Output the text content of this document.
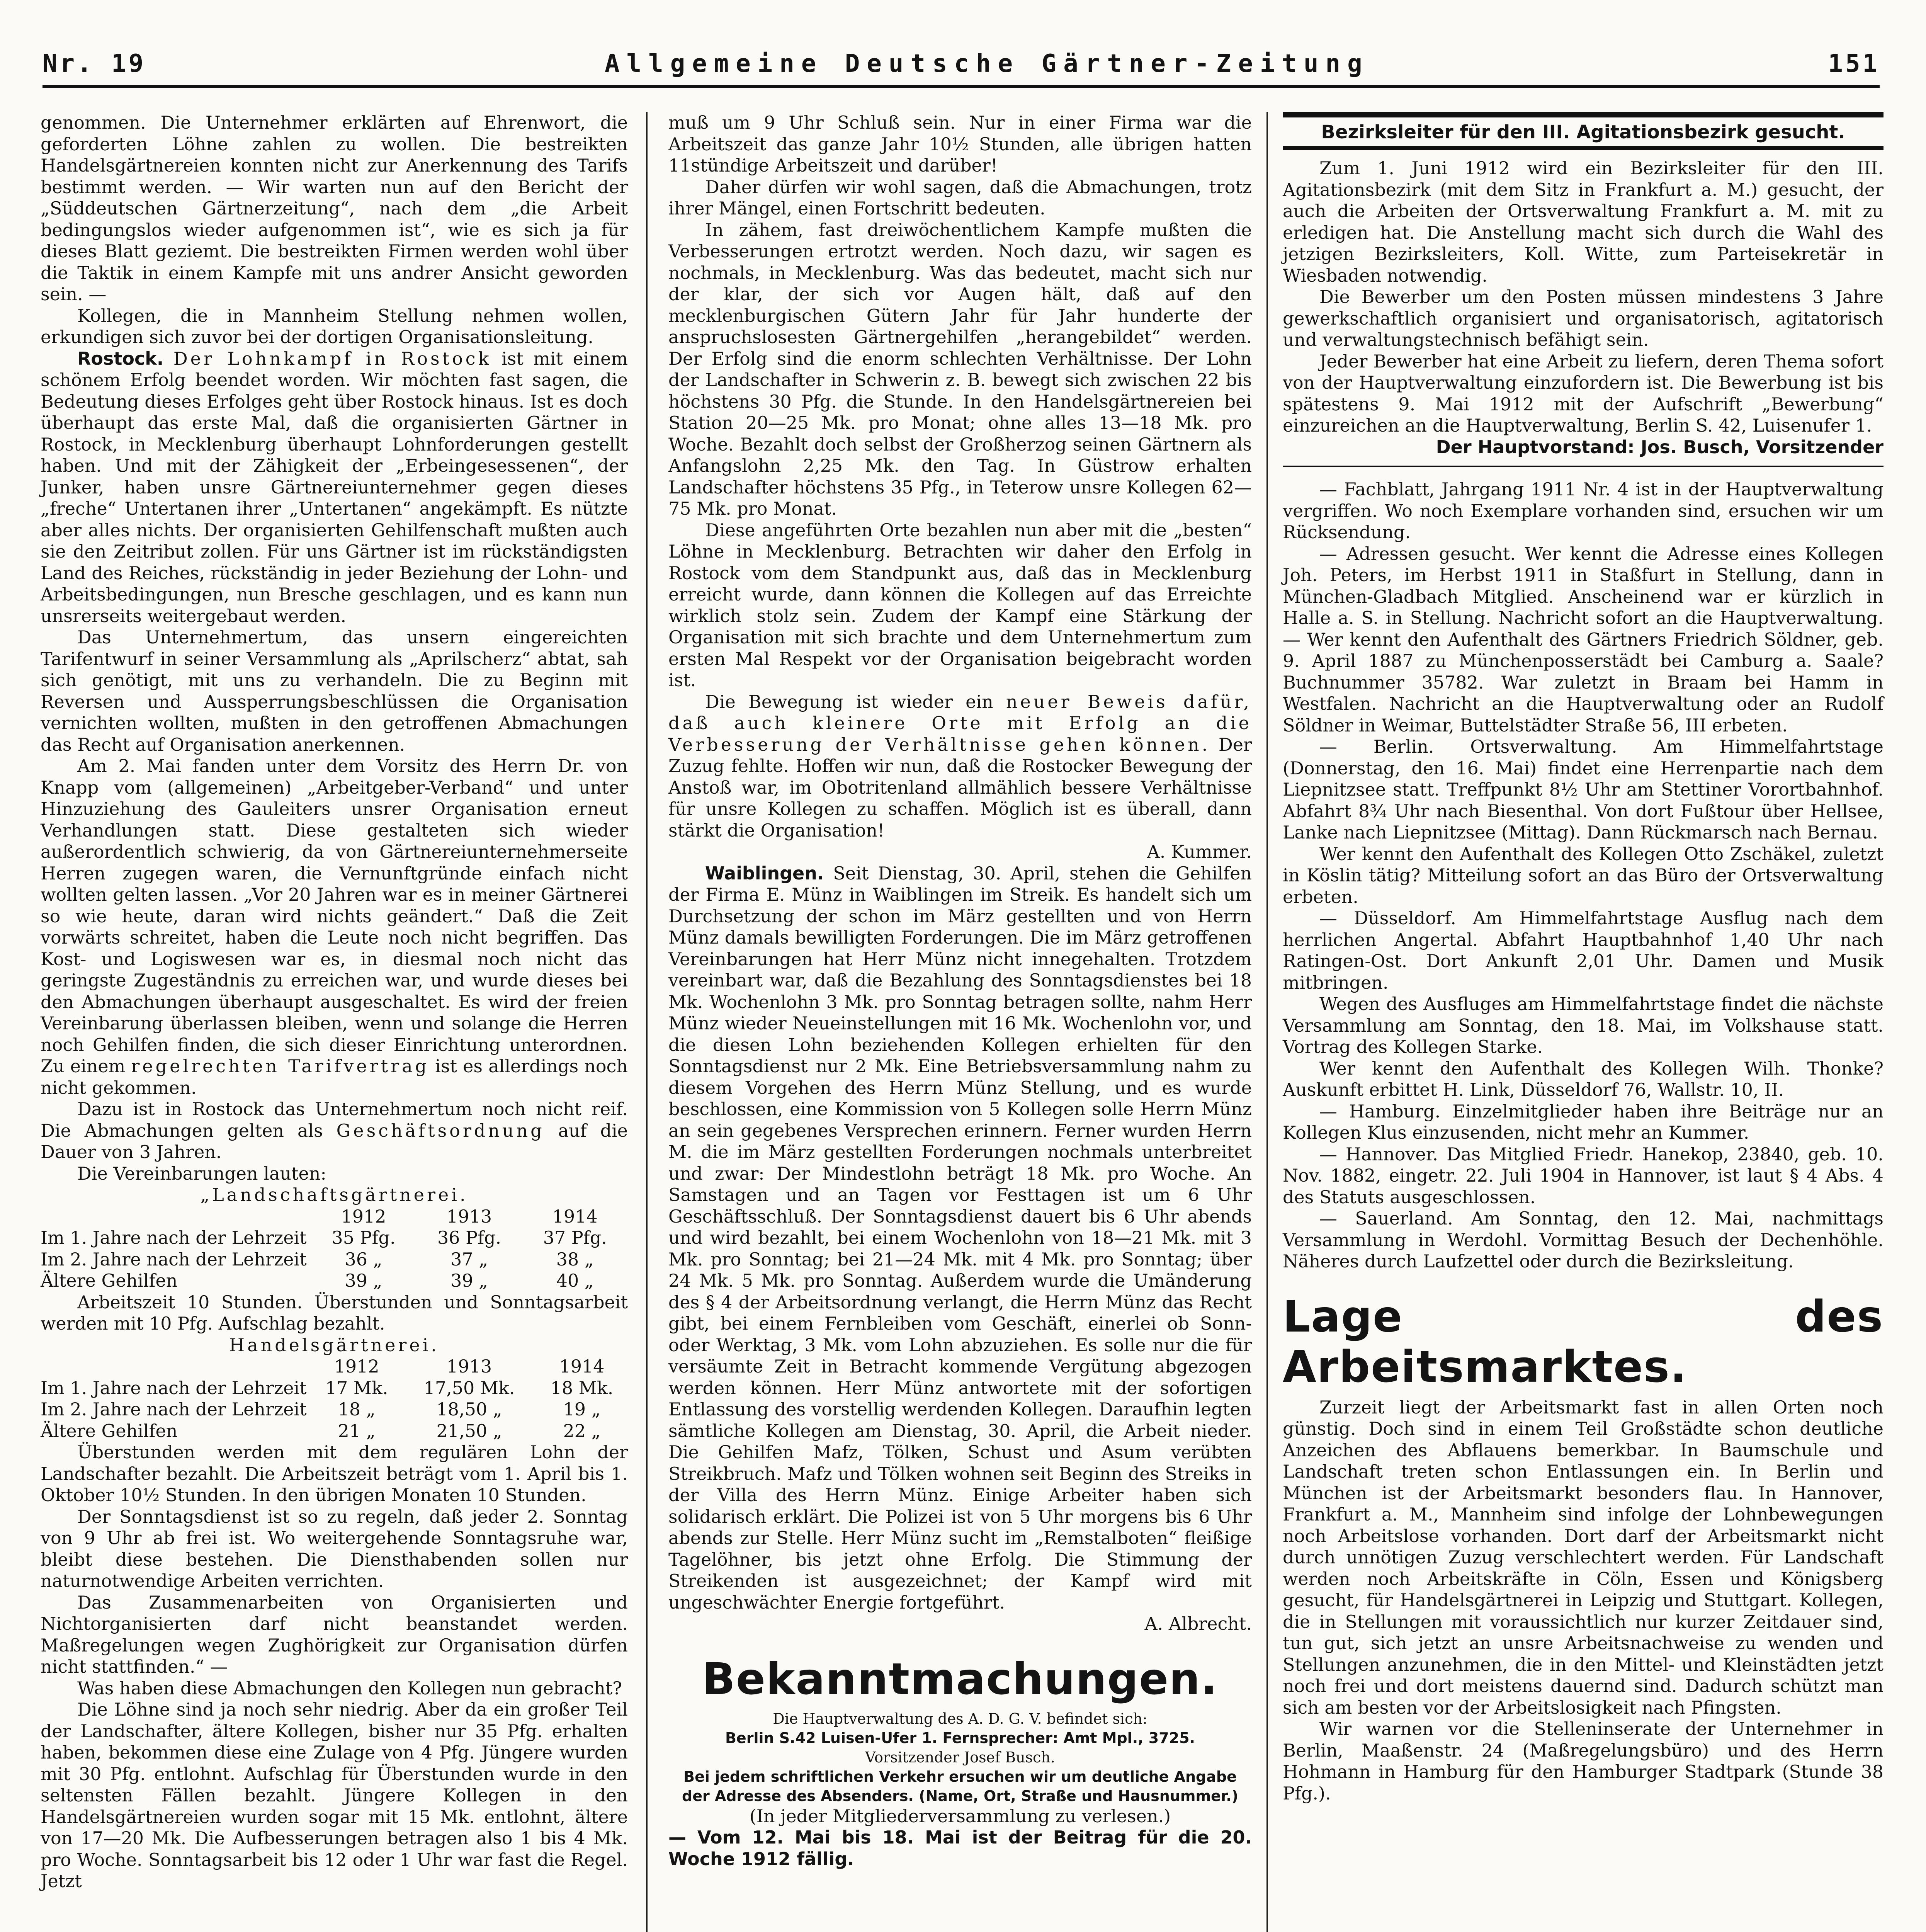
Nr. 19	Allgemeine Deutsche Gärtner-Zeitung	151

genommen. Die Unternehmer erklärten auf Ehrenwort, die geforderten Löhne zahlen zu wollen. Die bestreikten Handelsgärtnereien konnten nicht zur Anerkennung des Tarifs bestimmt werden. — Wir warten nun auf den Bericht der „Süddeutschen Gärtnerzeitung“, nach dem „die Arbeit bedingungslos wieder aufgenommen ist“, wie es sich ja für dieses Blatt geziemt. Die bestreikten Firmen werden wohl über die Taktik in einem Kampfe mit uns andrer Ansicht geworden sein. —

Kollegen, die in Mannheim Stellung nehmen wollen, erkundigen sich zuvor bei der dortigen Organisationsleitung.

Rostock. Der Lohnkampf in Rostock ist mit einem schönem Erfolg beendet worden. Wir möchten fast sagen, die Bedeutung dieses Erfolges geht über Rostock hinaus. Ist es doch überhaupt das erste Mal, daß die organisierten Gärtner in Rostock, in Mecklenburg überhaupt Lohnforderungen gestellt haben. Und mit der Zähigkeit der „Erbeingesessenen“, der Junker, haben unsre Gärtnereiunternehmer gegen dieses „freche“ Untertanen ihrer „Untertanen“ angekämpft. Es nützte aber alles nichts. Der organisierten Gehilfenschaft mußten auch sie den Zeitribut zollen. Für uns Gärtner ist im rückständigsten Land des Reiches, rückständig in jeder Beziehung der Lohn- und Arbeitsbedingungen, nun Bresche geschlagen, und es kann nun unsrerseits weitergebaut werden.

Das Unternehmertum, das unsern eingereichten Tarifentwurf in seiner Versammlung als „Aprilscherz“ abtat, sah sich genötigt, mit uns zu verhandeln. Die zu Beginn mit Reversen und Aussperrungsbeschlüssen die Organisation vernichten wollten, mußten in den getroffenen Abmachungen das Recht auf Organisation anerkennen.

Am 2. Mai fanden unter dem Vorsitz des Herrn Dr. von Knapp vom (allgemeinen) „Arbeitgeber-Verband“ und unter Hinzuziehung des Gauleiters unsrer Organisation erneut Verhandlungen statt. Diese gestalteten sich wieder außerordentlich schwierig, da von Gärtnereiunternehmerseite Herren zugegen waren, die Vernunftgründe einfach nicht wollten gelten lassen. „Vor 20 Jahren war es in meiner Gärtnerei so wie heute, daran wird nichts geändert.“ Daß die Zeit vorwärts schreitet, haben die Leute noch nicht begriffen. Das Kost- und Logiswesen war es, in diesmal noch nicht das geringste Zugeständnis zu erreichen war, und wurde dieses bei den Abmachungen überhaupt ausgeschaltet. Es wird der freien Vereinbarung überlassen bleiben, wenn und solange die Herren noch Gehilfen finden, die sich dieser Einrichtung unterordnen. Zu einem regelrechten Tarifvertrag ist es allerdings noch nicht gekommen.

Dazu ist in Rostock das Unternehmertum noch nicht reif. Die Abmachungen gelten als Geschäftsordnung auf die Dauer von 3 Jahren.

Die Vereinbarungen lauten:

„Landschaftsgärtnerei.
	1912	1913	1914
Im 1. Jahre nach der Lehrzeit	35 Pfg.	36 Pfg.	37 Pfg.
Im 2. Jahre nach der Lehrzeit	36 „	37 „	38 „
Ältere Gehilfen	39 „	39 „	40 „

Arbeitszeit 10 Stunden. Überstunden und Sonntagsarbeit werden mit 10 Pfg. Aufschlag bezahlt.

Handelsgärtnerei.
	1912	1913	1914
Im 1. Jahre nach der Lehrzeit	17 Mk.	17,50 Mk.	18 Mk.
Im 2. Jahre nach der Lehrzeit	18 „	18,50 „	19 „
Ältere Gehilfen	21 „	21,50 „	22 „

Überstunden werden mit dem regulären Lohn der Landschafter bezahlt. Die Arbeitszeit beträgt vom 1. April bis 1. Oktober 10½ Stunden. In den übrigen Monaten 10 Stunden.

Der Sonntagsdienst ist so zu regeln, daß jeder 2. Sonntag von 9 Uhr ab frei ist. Wo weitergehende Sonntagsruhe war, bleibt diese bestehen. Die Diensthabenden sollen nur naturnotwendige Arbeiten verrichten.

Das Zusammenarbeiten von Organisierten und Nichtorganisierten darf nicht beanstandet werden. Maßregelungen wegen Zughörigkeit zur Organisation dürfen nicht stattfinden.“ —

Was haben diese Abmachungen den Kollegen nun gebracht?

Die Löhne sind ja noch sehr niedrig. Aber da ein großer Teil der Landschafter, ältere Kollegen, bisher nur 35 Pfg. erhalten haben, bekommen diese eine Zulage von 4 Pfg. Jüngere wurden mit 30 Pfg. entlohnt. Aufschlag für Überstunden wurde in den seltensten Fällen bezahlt. Jüngere Kollegen in den Handelsgärtnereien wurden sogar mit 15 Mk. entlohnt, ältere von 17—20 Mk. Die Aufbesserungen betragen also 1 bis 4 Mk. pro Woche. Sonntagsarbeit bis 12 oder 1 Uhr war fast die Regel. Jetzt

muß um 9 Uhr Schluß sein. Nur in einer Firma war die Arbeitszeit das ganze Jahr 10½ Stunden, alle übrigen hatten 11stündige Arbeitszeit und darüber!

Daher dürfen wir wohl sagen, daß die Abmachungen, trotz ihrer Mängel, einen Fortschritt bedeuten.

In zähem, fast dreiwöchentlichem Kampfe mußten die Verbesserungen ertrotzt werden. Noch dazu, wir sagen es nochmals, in Mecklenburg. Was das bedeutet, macht sich nur der klar, der sich vor Augen hält, daß auf den mecklenburgischen Gütern Jahr für Jahr hunderte der anspruchslosesten Gärtnergehilfen „herangebildet“ werden. Der Erfolg sind die enorm schlechten Verhältnisse. Der Lohn der Landschafter in Schwerin z. B. bewegt sich zwischen 22 bis höchstens 30 Pfg. die Stunde. In den Handelsgärtnereien bei Station 20—25 Mk. pro Monat; ohne alles 13—18 Mk. pro Woche. Bezahlt doch selbst der Großherzog seinen Gärtnern als Anfangslohn 2,25 Mk. den Tag. In Güstrow erhalten Landschafter höchstens 35 Pfg., in Teterow unsre Kollegen 62—75 Mk. pro Monat.

Diese angeführten Orte bezahlen nun aber mit die „besten“ Löhne in Mecklenburg. Betrachten wir daher den Erfolg in Rostock vom dem Standpunkt aus, daß das in Mecklenburg erreicht wurde, dann können die Kollegen auf das Erreichte wirklich stolz sein. Zudem der Kampf eine Stärkung der Organisation mit sich brachte und dem Unternehmertum zum ersten Mal Respekt vor der Organisation beigebracht worden ist.

Die Bewegung ist wieder ein neuer Beweis dafür, daß auch kleinere Orte mit Erfolg an die Verbesserung der Verhältnisse gehen können. Der Zuzug fehlte. Hoffen wir nun, daß die Rostocker Bewegung der Anstoß war, im Obotritenland allmählich bessere Verhältnisse für unsre Kollegen zu schaffen. Möglich ist es überall, dann stärkt die Organisation!

A. Kummer.

Waiblingen. Seit Dienstag, 30. April, stehen die Gehilfen der Firma E. Münz in Waiblingen im Streik. Es handelt sich um Durchsetzung der schon im März gestellten und von Herrn Münz damals bewilligten Forderungen. Die im März getroffenen Vereinbarungen hat Herr Münz nicht innegehalten. Trotzdem vereinbart war, daß die Bezahlung des Sonntagsdienstes bei 18 Mk. Wochenlohn 3 Mk. pro Sonntag betragen sollte, nahm Herr Münz wieder Neueinstellungen mit 16 Mk. Wochenlohn vor, und die diesen Lohn beziehenden Kollegen erhielten für den Sonntagsdienst nur 2 Mk. Eine Betriebsversammlung nahm zu diesem Vorgehen des Herrn Münz Stellung, und es wurde beschlossen, eine Kommission von 5 Kollegen solle Herrn Münz an sein gegebenes Versprechen erinnern. Ferner wurden Herrn M. die im März gestellten Forderungen nochmals unterbreitet und zwar: Der Mindestlohn beträgt 18 Mk. pro Woche. An Samstagen und an Tagen vor Festtagen ist um 6 Uhr Geschäftsschluß. Der Sonntagsdienst dauert bis 6 Uhr abends und wird bezahlt, bei einem Wochenlohn von 18—21 Mk. mit 3 Mk. pro Sonntag; bei 21—24 Mk. mit 4 Mk. pro Sonntag; über 24 Mk. 5 Mk. pro Sonntag. Außerdem wurde die Umänderung des § 4 der Arbeitsordnung verlangt, die Herrn Münz das Recht gibt, bei einem Fernbleiben vom Geschäft, einerlei ob Sonn- oder Werktag, 3 Mk. vom Lohn abzuziehen. Es solle nur die für versäumte Zeit in Betracht kommende Vergütung abgezogen werden können. Herr Münz antwortete mit der sofortigen Entlassung des vorstellig werdenden Kollegen. Daraufhin legten sämtliche Kollegen am Dienstag, 30. April, die Arbeit nieder. Die Gehilfen Mafz, Tölken, Schust und Asum verübten Streikbruch. Mafz und Tölken wohnen seit Beginn des Streiks in der Villa des Herrn Münz. Einige Arbeiter haben sich solidarisch erklärt. Die Polizei ist von 5 Uhr morgens bis 6 Uhr abends zur Stelle. Herr Münz sucht im „Remstalboten“ fleißige Tagelöhner, bis jetzt ohne Erfolg. Die Stimmung der Streikenden ist ausgezeichnet; der Kampf wird mit ungeschwächter Energie fortgeführt.

A. Albrecht.
Bekanntmachungen.
Die Hauptverwaltung des A. D. G. V. befindet sich:
Berlin S.42 Luisen-Ufer 1. Fernsprecher: Amt Mpl., 3725.
Vorsitzender Josef Busch.
Bei jedem schriftlichen Verkehr ersuchen wir um deutliche Angabe der Adresse des Absenders. (Name, Ort, Straße und Hausnummer.)
(In jeder Mitgliederversammlung zu verlesen.)
— Vom 12. Mai bis 18. Mai ist der Beitrag für die 20. Woche 1912 fällig.
Bezirksleiter für den III. Agitationsbezirk gesucht.

Zum 1. Juni 1912 wird ein Bezirksleiter für den III. Agitationsbezirk (mit dem Sitz in Frankfurt a. M.) gesucht, der auch die Arbeiten der Ortsverwaltung Frankfurt a. M. mit zu erledigen hat. Die Anstellung macht sich durch die Wahl des jetzigen Bezirksleiters, Koll. Witte, zum Parteisekretär in Wiesbaden notwendig.

Die Bewerber um den Posten müssen mindestens 3 Jahre gewerkschaftlich organisiert und organisatorisch, agitatorisch und verwaltungstechnisch befähigt sein.

Jeder Bewerber hat eine Arbeit zu liefern, deren Thema sofort von der Hauptverwaltung einzufordern ist. Die Bewerbung ist bis spätestens 9. Mai 1912 mit der Aufschrift „Bewerbung“ einzureichen an die Hauptverwaltung, Berlin S. 42, Luisenufer 1.

Der Hauptvorstand: Jos. Busch, Vorsitzender

— Fachblatt, Jahrgang 1911 Nr. 4 ist in der Hauptverwaltung vergriffen. Wo noch Exemplare vorhanden sind, ersuchen wir um Rücksendung.

— Adressen gesucht. Wer kennt die Adresse eines Kollegen Joh. Peters, im Herbst 1911 in Staßfurt in Stellung, dann in München-Gladbach Mitglied. Anscheinend war er kürzlich in Halle a. S. in Stellung. Nachricht sofort an die Hauptverwaltung. — Wer kennt den Aufenthalt des Gärtners Friedrich Söldner, geb. 9. April 1887 zu Münchenposserstädt bei Camburg a. Saale? Buchnummer 35782. War zuletzt in Braam bei Hamm in Westfalen. Nachricht an die Hauptverwaltung oder an Rudolf Söldner in Weimar, Buttelstädter Straße 56, III erbeten.

— Berlin. Ortsverwaltung. Am Himmelfahrtstage (Donnerstag, den 16. Mai) findet eine Herrenpartie nach dem Liepnitzsee statt. Treffpunkt 8½ Uhr am Stettiner Vorortbahnhof. Abfahrt 8¾ Uhr nach Biesenthal. Von dort Fußtour über Hellsee, Lanke nach Liepnitzsee (Mittag). Dann Rückmarsch nach Bernau.

Wer kennt den Aufenthalt des Kollegen Otto Zschäkel, zuletzt in Köslin tätig? Mitteilung sofort an das Büro der Ortsverwaltung erbeten.

— Düsseldorf. Am Himmelfahrtstage Ausflug nach dem herrlichen Angertal. Abfahrt Hauptbahnhof 1,40 Uhr nach Ratingen-Ost. Dort Ankunft 2,01 Uhr. Damen und Musik mitbringen.

Wegen des Ausfluges am Himmelfahrtstage findet die nächste Versammlung am Sonntag, den 18. Mai, im Volkshause statt. Vortrag des Kollegen Starke.

Wer kennt den Aufenthalt des Kollegen Wilh. Thonke? Auskunft erbittet H. Link, Düsseldorf 76, Wallstr. 10, II.

— Hamburg. Einzelmitglieder haben ihre Beiträge nur an Kollegen Klus einzusenden, nicht mehr an Kummer.

— Hannover. Das Mitglied Friedr. Hanekop, 23840, geb. 10. Nov. 1882, eingetr. 22. Juli 1904 in Hannover, ist laut § 4 Abs. 4 des Statuts ausgeschlossen.

— Sauerland. Am Sonntag, den 12. Mai, nachmittags Versammlung in Werdohl. Vormittag Besuch der Dechenhöhle. Näheres durch Laufzettel oder durch die Bezirksleitung.

Lage des Arbeitsmarktes.

Zurzeit liegt der Arbeitsmarkt fast in allen Orten noch günstig. Doch sind in einem Teil Großstädte schon deutliche Anzeichen des Abflauens bemerkbar. In Baumschule und Landschaft treten schon Entlassungen ein. In Berlin und München ist der Arbeitsmarkt besonders flau. In Hannover, Frankfurt a. M., Mannheim sind infolge der Lohnbewegungen noch Arbeitslose vorhanden. Dort darf der Arbeitsmarkt nicht durch unnötigen Zuzug verschlechtert werden. Für Landschaft werden noch Arbeitskräfte in Cöln, Essen und Königsberg gesucht, für Handelsgärtnerei in Leipzig und Stuttgart. Kollegen, die in Stellungen mit voraussichtlich nur kurzer Zeitdauer sind, tun gut, sich jetzt an unsre Arbeitsnachweise zu wenden und Stellungen anzunehmen, die in den Mittel- und Kleinstädten jetzt noch frei und dort meistens dauernd sind. Dadurch schützt man sich am besten vor der Arbeitslosigkeit nach Pfingsten.

Wir warnen vor die Stelleninserate der Unternehmer in Berlin, Maaßenstr. 24 (Maßregelungsbüro) und des Herrn Hohmann in Hamburg für den Hamburger Stadtpark (Stunde 38 Pfg.).
